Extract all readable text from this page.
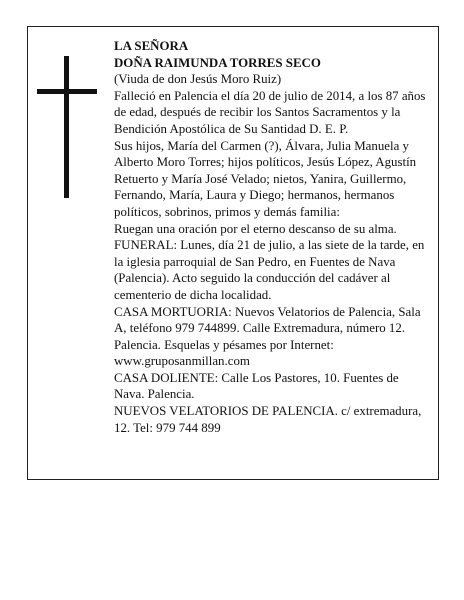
LA SEÑORA

DOÑA RAIMUNDA TORRES SECO

(Viuda de don Jesús Moro Ruiz)

Falleció en Palencia el día 20 de julio de 2014, a los 87 años de edad, después de recibir los Santos Sacramentos y la Bendición Apostólica de Su Santidad D. E. P.

Sus hijos, María del Carmen (?), Álvara, Julia Manuela y Alberto Moro Torres; hijos políticos, Jesús López, Agustín Retuerto y María José Velado; nietos, Yanira, Guillermo, Fernando, María, Laura y Diego; hermanos, hermanos políticos, sobrinos, primos y demás familia:

Ruegan una oración por el eterno descanso de su alma.

FUNERAL: Lunes, día 21 de julio, a las siete de la tarde, en la iglesia parroquial de San Pedro, en Fuentes de Nava (Palencia). Acto seguido la conducción del cadáver al cementerio de dicha localidad.

CASA MORTUORIA: Nuevos Velatorios de Palencia, Sala A, teléfono 979 744899. Calle Extremadura, número 12. Palencia. Esquelas y pésames por Internet: www.gruposanmillan.com

CASA DOLIENTE: Calle Los Pastores, 10. Fuentes de Nava. Palencia.

NUEVOS VELATORIOS DE PALENCIA. c/ extremadura, 12. Tel: 979 744 899
